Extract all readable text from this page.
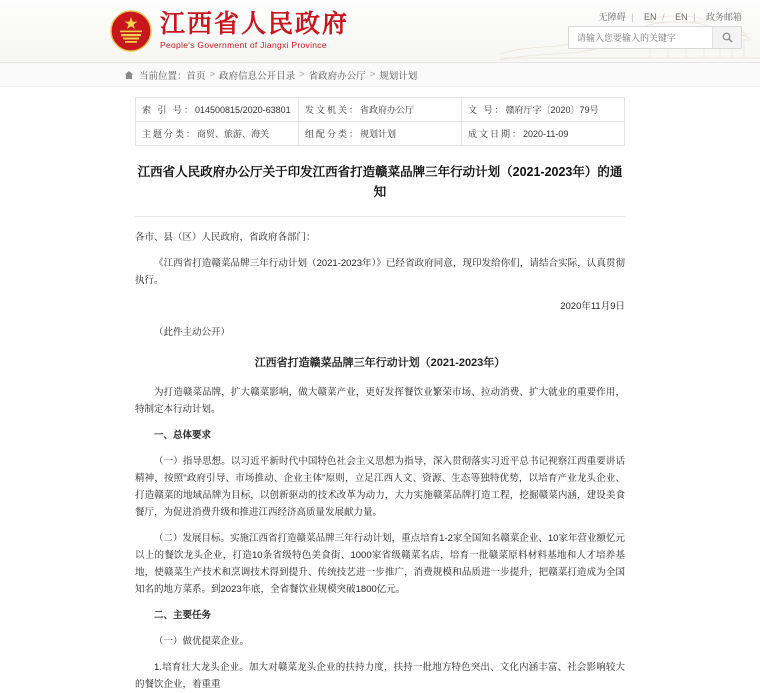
江西省人民政府
People's Government of Jiangxi Province
无障碍 | EN / EN | 政务邮箱
请输入您要输入的关键字
当前位置： 首页 > 政府信息公开目录 > 省政府办公厅 > 规划计划
索 引 号：014500815/2020-63801	发文机关：省政府办公厅	文 号：赣府厅字〔2020〕79号
主题分类：商贸、旅游、海关	组配分类：规划计划	成文日期：2020-11-09
江西省人民政府办公厅关于印发江西省打造赣菜品牌三年行动计划（2021-2023年）的通知

各市、县（区）人民政府，省政府各部门：

《江西省打造赣菜品牌三年行动计划（2021-2023年）》已经省政府同意，现印发给你们，请结合实际，认真贯彻执行。

2020年11月9日

（此件主动公开）

江西省打造赣菜品牌三年行动计划（2021-2023年）

为打造赣菜品牌，扩大赣菜影响，做大赣菜产业，更好发挥餐饮业繁荣市场、拉动消费、扩大就业的重要作用，特制定本行动计划。

一、总体要求

（一）指导思想。以习近平新时代中国特色社会主义思想为指导，深入贯彻落实习近平总书记视察江西重要讲话精神，按照"政府引导、市场推动、企业主体"原则，立足江西人文、资源、生态等独特优势，以培育产业龙头企业、打造赣菜的地域品牌为目标，以创新驱动的技术改革为动力，大力实施赣菜品牌打造工程，挖掘赣菜内涵，建设美食餐厅，为促进消费升级和推进江西经济高质量发展献力量。

（二）发展目标。实施江西省打造赣菜品牌三年行动计划，重点培育1-2家全国知名赣菜企业、10家年营业额忆元以上的餐饮龙头企业，打造10条省级特色美食街、1000家省级赣菜名店，培育一批赣菜原料材料基地和人才培养基地，使赣菜生产技术和烹调技术得到提升、传统技艺进一步推广，消费规模和品质进一步提升，把赣菜打造成为全国知名的地方菜系。到2023年底，全省餐饮业规模突破1800亿元。

二、主要任务

（一）做优提菜企业。

1.培育壮大龙头企业。加大对赣菜龙头企业的扶持力度，扶持一批地方特色突出、文化内涵丰富、社会影响较大的餐饮企业，着重重
